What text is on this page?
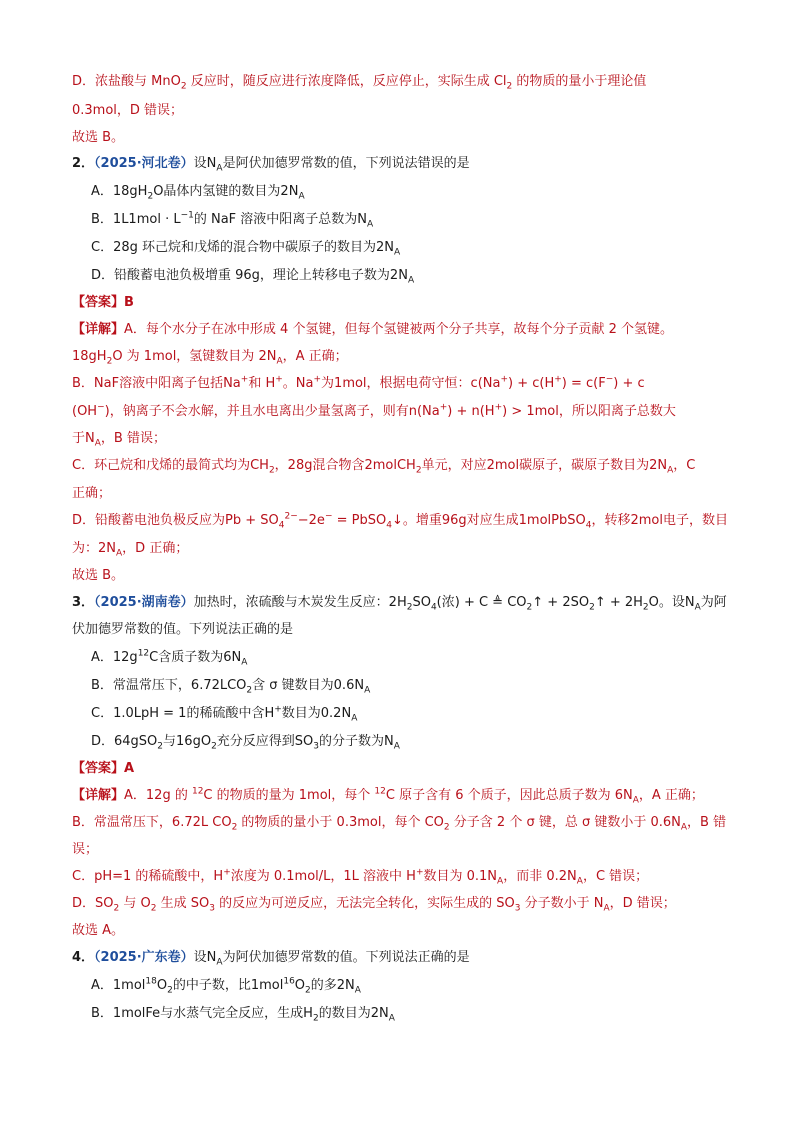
D．浓盐酸与 MnO$_2$ 反应时，随反应进行浓度降低，反应停止，实际生成 $Cl_2$ 的物质的量小于理论值
0.3mol，D 错误；
故选 B。
2．（2025·河北卷）设$N_A$是阿伏加德罗常数的值，下列说法错误的是
A．$18gH_2O$晶体内氢键的数目为$2N_A$
B．$1L1mol \cdot L^{-1}$的 NaF 溶液中阳离子总数为$N_A$
C．28g 环己烷和戊烯的混合物中碳原子的数目为$2N_A$
D．铅酸蓄电池负极增重 96g，理论上转移电子数为$2N_A$
【答案】B
【详解】A．每个水分子在冰中形成 4 个氢键，但每个氢键被两个分子共享，故每个分子贡献 2 个氢键。
$18gH_2O$ 为 1mol，氢键数目为 $2N_A$，A 正确；
B．NaF溶液中阳离子包括Na+和 H+。Na+为1mol，根据电荷守恒：c(Na+) + c(H+) = c(F−) + c
(OH−)，钠离子不会水解，并且水电离出少量氢离子，则有n(Na+) + n(H+) > 1mol，所以阳离子总数大
于$N_A$，B 错误；
C．环己烷和戊烯的最简式均为$CH_2$，28g混合物含2molCH$_2$单元，对应2mol碳原子，碳原子数目为$2N_A$，C
正确；
D．铅酸蓄电池负极反应为$Pb + SO_4^{2-}-2e^-$ = PbSO$_4$↓。增重96g对应生成1molPbSO$_4$，转移2mol电子，数目
为：$2N_A$，D 正确；
故选 B。
3．（2025·湖南卷）加热时，浓硫酸与木炭发生反应：$2H_2SO_4$(浓) + C ≜ $CO_2↑$ + $2SO_2↑ + 2H_2O$。设$N_A$为阿
伏加德罗常数的值。下列说法正确的是
A．$12g^{12}C$含质子数为$6N_A$
B．常温常压下，$6.72LCO_2$含 σ 键数目为$0.6N_A$
C．1.0LpH = 1的稀硫酸中含H+数目为$0.2N_A$
D．64gSO$_2$与$16gO_2$充分反应得到$SO_3$的分子数为$N_A$
【答案】A
【详解】A．12g 的 $^{12}$C 的物质的量为 1mol，每个 $^{12}$C 原子含有 6 个质子，因此总质子数为 $6N_A$，A 正确；
B．常温常压下，6.72L $CO_2$ 的物质的量小于 0.3mol，每个 $CO_2$ 分子含 2 个 σ 键，总 σ 键数小于 $0.6N_A$，B 错
误；
C．pH=1 的稀硫酸中，H+浓度为 0.1mol/L，1L 溶液中 H+数目为 $0.1N_A$，而非 $0.2N_A$，C 错误；
D．$SO_2$ 与 $O_2$ 生成 $SO_3$ 的反应为可逆反应，无法完全转化，实际生成的 $SO_3$ 分子数小于 $N_A$，D 错误；
故选 A。
4．（2025·广东卷）设$N_A$为阿伏加德罗常数的值。下列说法正确的是
A．$1mol^{18}O_2$的中子数，比$1mol^{16}O_2$的多$2N_A$
B．1molFe与水蒸气完全反应，生成$H_2$的数目为$2N_A$
